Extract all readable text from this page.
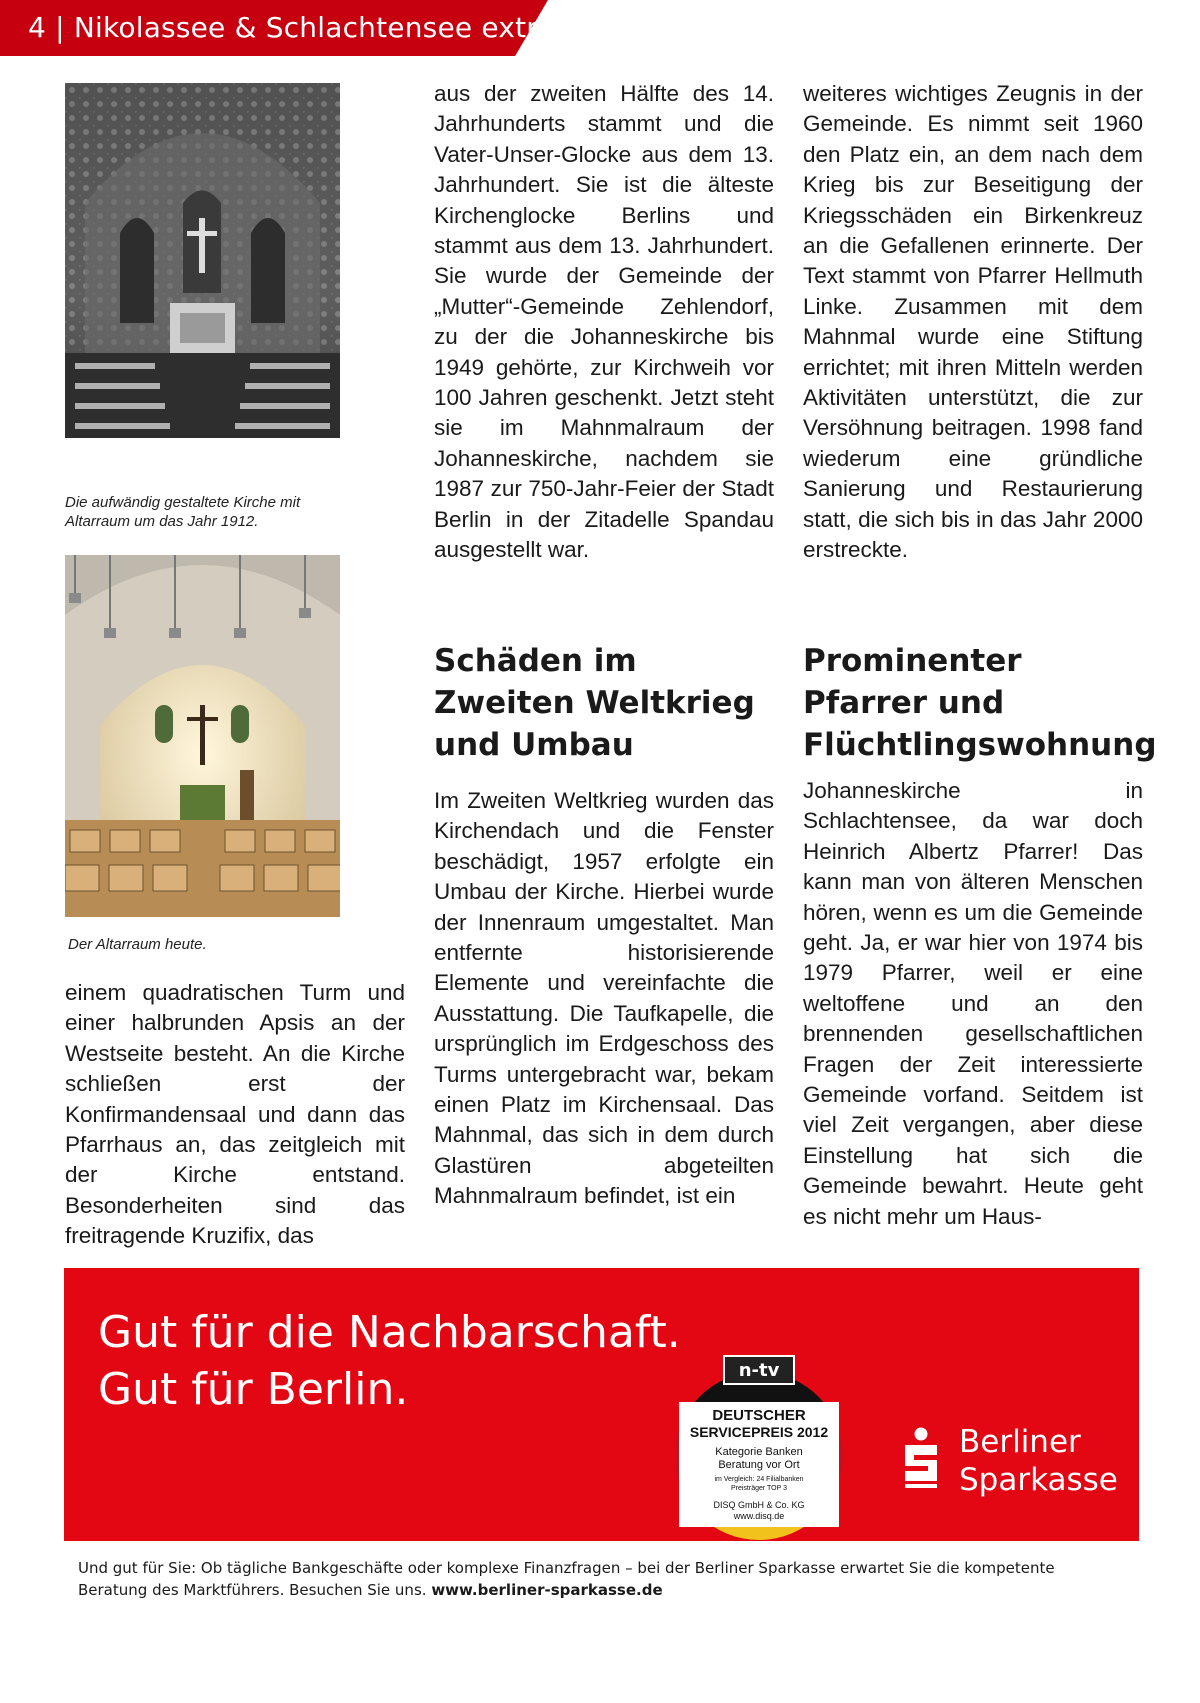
4 | Nikolassee & Schlachtensee extra
Die aufwändig gestaltete Kirche mit Altarraum um das Jahr 1912.
Der Altarraum heute.

einem quadratischen Turm und einer halbrunden Apsis an der Westseite besteht. An die Kirche schließen erst der Konfirmandensaal und dann das Pfarrhaus an, das zeitgleich mit der Kirche entstand. Besonderheiten sind das freitragende Kruzifix, das

aus der zweiten Hälfte des 14. Jahrhunderts stammt und die Vater-Unser-Glocke aus dem 13. Jahrhundert. Sie ist die älteste Kirchenglocke Berlins und stammt aus dem 13. Jahrhundert. Sie wurde der Gemeinde der „Mutter“-Gemeinde Zehlendorf, zu der die Johanneskirche bis 1949 gehörte, zur Kirchweih vor 100 Jahren geschenkt. Jetzt steht sie im Mahnmalraum der Johanneskirche, nachdem sie 1987 zur 750-Jahr-Feier der Stadt Berlin in der Zitadelle Spandau ausgestellt war.

Schäden im Zweiten Weltkrieg und Umbau

Im Zweiten Weltkrieg wurden das Kirchendach und die Fenster beschädigt, 1957 erfolgte ein Umbau der Kirche. Hierbei wurde der Innenraum umgestaltet. Man entfernte historisierende Elemente und vereinfachte die Ausstattung. Die Taufkapelle, die ursprünglich im Erdgeschoss des Turms untergebracht war, bekam einen Platz im Kirchensaal. Das Mahnmal, das sich in dem durch Glastüren abgeteilten Mahnmalraum befindet, ist ein

weiteres wichtiges Zeugnis in der Gemeinde. Es nimmt seit 1960 den Platz ein, an dem nach dem Krieg bis zur Beseitigung der Kriegsschäden ein Birkenkreuz an die Gefallenen erinnerte. Der Text stammt von Pfarrer Hellmuth Linke. Zusammen mit dem Mahnmal wurde eine Stiftung errichtet; mit ihren Mitteln werden Aktivitäten unterstützt, die zur Versöhnung beitragen. 1998 fand wiederum eine gründliche Sanierung und Restaurierung statt, die sich bis in das Jahr 2000 erstreckte.

Prominenter Pfarrer und Flüchtlingswohnung

Johanneskirche in Schlachtensee, da war doch Heinrich Albertz Pfarrer! Das kann man von älteren Menschen hören, wenn es um die Gemeinde geht. Ja, er war hier von 1974 bis 1979 Pfarrer, weil er eine weltoffene und an den brennenden gesellschaftlichen Fragen der Zeit interessierte Gemeinde vorfand. Seitdem ist viel Zeit vergangen, aber diese Einstellung hat sich die Gemeinde bewahrt. Heute geht es nicht mehr um Haus-

Gut für die Nachbarschaft.
Gut für Berlin.	n-tv
DEUTSCHER
SERVICEPREIS 2012
Kategorie Banken
Beratung vor Ort
im Vergleich: 24 Filialbanken
Preisträger TOP 3
DISQ GmbH & Co. KG
www.disq.de
Berliner
Sparkasse
Und gut für Sie: Ob tägliche Bankgeschäfte oder komplexe Finanzfragen – bei der Berliner Sparkasse erwartet Sie die kompetente Beratung des Marktführers. Besuchen Sie uns. www.berliner-sparkasse.de
